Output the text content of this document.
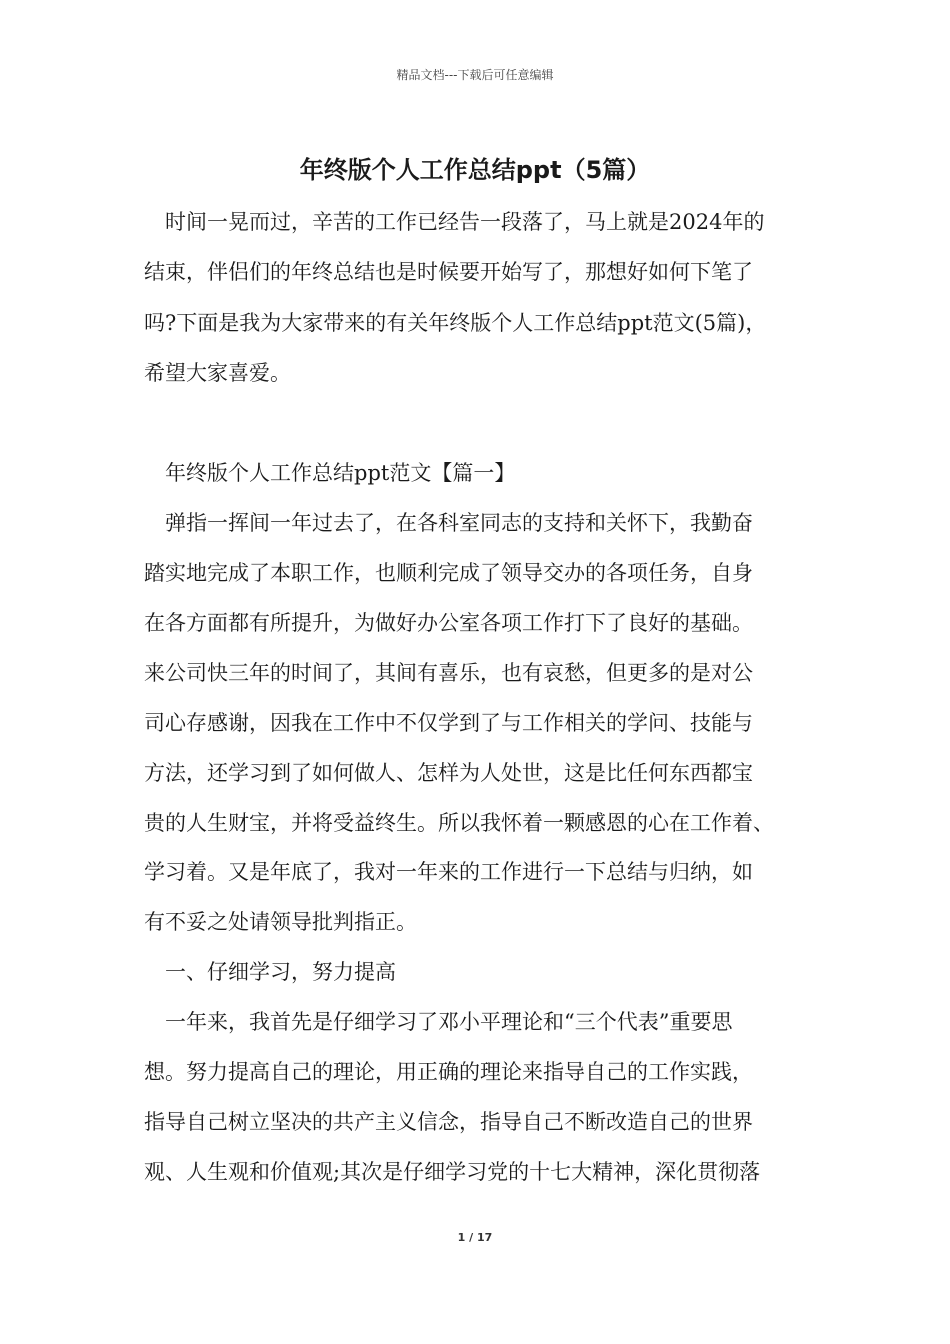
精品文档---下载后可任意编辑
年终版个人工作总结ppt（5篇）
时间一晃而过，辛苦的工作已经告一段落了，马上就是2024年的
结束，伴侣们的年终总结也是时候要开始写了，那想好如何下笔了
吗?下面是我为大家带来的有关年终版个人工作总结ppt范文(5篇)，
希望大家喜爱。
年终版个人工作总结ppt范文【篇一】
弹指一挥间一年过去了，在各科室同志的支持和关怀下，我勤奋
踏实地完成了本职工作，也顺利完成了领导交办的各项任务，自身
在各方面都有所提升，为做好办公室各项工作打下了良好的基础。
来公司快三年的时间了，其间有喜乐，也有哀愁，但更多的是对公
司心存感谢，因我在工作中不仅学到了与工作相关的学问、技能与
方法，还学习到了如何做人、怎样为人处世，这是比任何东西都宝
贵的人生财宝，并将受益终生。所以我怀着一颗感恩的心在工作着、
学习着。又是年底了，我对一年来的工作进行一下总结与归纳，如
有不妥之处请领导批判指正。
一、仔细学习，努力提高
一年来，我首先是仔细学习了邓小平理论和“三个代表”重要思
想。努力提高自己的理论，用正确的理论来指导自己的工作实践，
指导自己树立坚决的共产主义信念，指导自己不断改造自己的世界
观、人生观和价值观;其次是仔细学习党的十七大精神，深化贯彻落
1 / 17
